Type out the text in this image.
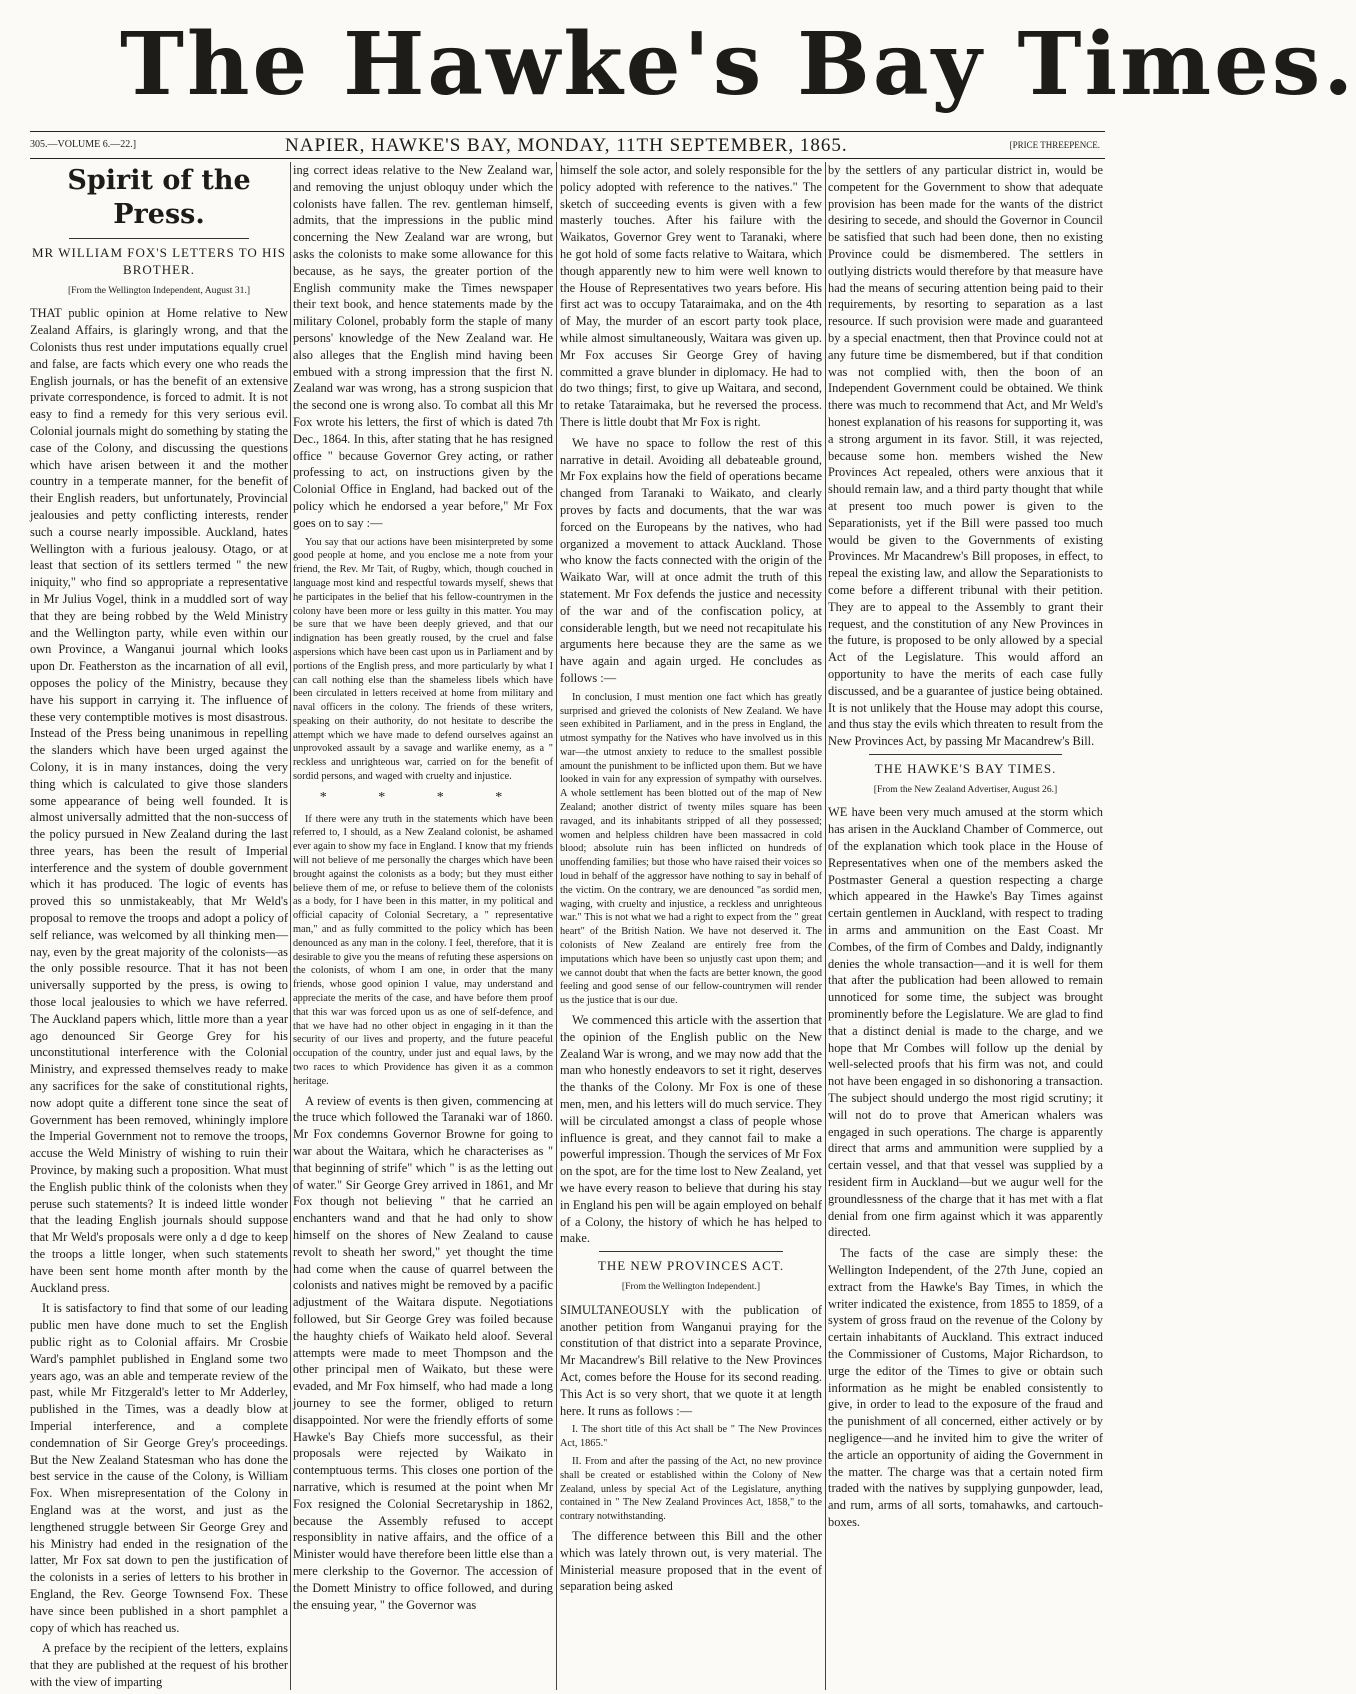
The Hawke's Bay Times.
305.—VOLUME 6.—22.]	NAPIER, HAWKE'S BAY, MONDAY, 11TH SEPTEMBER, 1865.	[PRICE THREEPENCE.
Spirit of the Press.
MR WILLIAM FOX'S LETTERS TO HIS BROTHER.
[From the Wellington Independent, August 31.]

THAT public opinion at Home relative to New Zealand Affairs, is glaringly wrong, and that the Colonists thus rest under imputations equally cruel and false, are facts which every one who reads the English journals, or has the benefit of an extensive private correspondence, is forced to admit. It is not easy to find a remedy for this very serious evil. Colonial journals might do something by stating the case of the Colony, and discussing the questions which have arisen between it and the mother country in a temperate manner, for the benefit of their English readers, but unfortunately, Provincial jealousies and petty conflicting interests, render such a course nearly impossible. Auckland, hates Wellington with a furious jealousy. Otago, or at least that section of its settlers termed " the new iniquity," who find so appropriate a representative in Mr Julius Vogel, think in a muddled sort of way that they are being robbed by the Weld Ministry and the Wellington party, while even within our own Province, a Wanganui journal which looks upon Dr. Featherston as the incarnation of all evil, opposes the policy of the Ministry, because they have his support in carrying it. The influence of these very contemptible motives is most disastrous. Instead of the Press being unanimous in repelling the slanders which have been urged against the Colony, it is in many instances, doing the very thing which is calculated to give those slanders some appearance of being well founded. It is almost universally admitted that the non-success of the policy pursued in New Zealand during the last three years, has been the result of Imperial interference and the system of double government which it has produced. The logic of events has proved this so unmistakeably, that Mr Weld's proposal to remove the troops and adopt a policy of self reliance, was welcomed by all thinking men—nay, even by the great majority of the colonists—as the only possible resource. That it has not been universally supported by the press, is owing to those local jealousies to which we have referred. The Auckland papers which, little more than a year ago denounced Sir George Grey for his unconstitutional interference with the Colonial Ministry, and expressed themselves ready to make any sacrifices for the sake of constitutional rights, now adopt quite a different tone since the seat of Government has been removed, whiningly implore the Imperial Government not to remove the troops, accuse the Weld Ministry of wishing to ruin their Province, by making such a proposition. What must the English public think of the colonists when they peruse such statements? It is indeed little wonder that the leading English journals should suppose that Mr Weld's proposals were only a d dge to keep the troops a little longer, when such statements have been sent home month after month by the Auckland press.

It is satisfactory to find that some of our leading public men have done much to set the English public right as to Colonial affairs. Mr Crosbie Ward's pamphlet published in England some two years ago, was an able and temperate review of the past, while Mr Fitzgerald's letter to Mr Adderley, published in the Times, was a deadly blow at Imperial interference, and a complete condemnation of Sir George Grey's proceedings. But the New Zealand Statesman who has done the best service in the cause of the Colony, is William Fox. When misrepresentation of the Colony in England was at the worst, and just as the lengthened struggle between Sir George Grey and his Ministry had ended in the resignation of the latter, Mr Fox sat down to pen the justification of the colonists in a series of letters to his brother in England, the Rev. George Townsend Fox. These have since been published in a short pamphlet a copy of which has reached us.

A preface by the recipient of the letters, explains that they are published at the request of his brother with the view of imparting

ing correct ideas relative to the New Zealand war, and removing the unjust obloquy under which the colonists have fallen. The rev. gentleman himself, admits, that the impressions in the public mind concerning the New Zealand war are wrong, but asks the colonists to make some allowance for this because, as he says, the greater portion of the English community make the Times newspaper their text book, and hence statements made by the military Colonel, probably form the staple of many persons' knowledge of the New Zealand war. He also alleges that the English mind having been embued with a strong impression that the first N. Zealand war was wrong, has a strong suspicion that the second one is wrong also. To combat all this Mr Fox wrote his letters, the first of which is dated 7th Dec., 1864. In this, after stating that he has resigned office " because Governor Grey acting, or rather professing to act, on instructions given by the Colonial Office in England, had backed out of the policy which he endorsed a year before," Mr Fox goes on to say :—

You say that our actions have been misinterpreted by some good people at home, and you enclose me a note from your friend, the Rev. Mr Tait, of Rugby, which, though couched in language most kind and respectful towards myself, shews that he participates in the belief that his fellow-countrymen in the colony have been more or less guilty in this matter. You may be sure that we have been deeply grieved, and that our indignation has been greatly roused, by the cruel and false aspersions which have been cast upon us in Parliament and by portions of the English press, and more particularly by what I can call nothing else than the shameless libels which have been circulated in letters received at home from military and naval officers in the colony. The friends of these writers, speaking on their authority, do not hesitate to describe the attempt which we have made to defend ourselves against an unprovoked assault by a savage and warlike enemy, as a " reckless and unrighteous war, carried on for the benefit of sordid persons, and waged with cruelty and injustice.

* * * *

If there were any truth in the statements which have been referred to, I should, as a New Zealand colonist, be ashamed ever again to show my face in England. I know that my friends will not believe of me personally the charges which have been brought against the colonists as a body; but they must either believe them of me, or refuse to believe them of the colonists as a body, for I have been in this matter, in my political and official capacity of Colonial Secretary, a " representative man," and as fully committed to the policy which has been denounced as any man in the colony. I feel, therefore, that it is desirable to give you the means of refuting these aspersions on the colonists, of whom I am one, in order that the many friends, whose good opinion I value, may understand and appreciate the merits of the case, and have before them proof that this war was forced upon us as one of self-defence, and that we have had no other object in engaging in it than the security of our lives and property, and the future peaceful occupation of the country, under just and equal laws, by the two races to which Providence has given it as a common heritage.

A review of events is then given, commencing at the truce which followed the Taranaki war of 1860. Mr Fox condemns Governor Browne for going to war about the Waitara, which he characterises as " that beginning of strife" which " is as the letting out of water." Sir George Grey arrived in 1861, and Mr Fox though not believing " that he carried an enchanters wand and that he had only to show himself on the shores of New Zealand to cause revolt to sheath her sword," yet thought the time had come when the cause of quarrel between the colonists and natives might be removed by a pacific adjustment of the Waitara dispute. Negotiations followed, but Sir George Grey was foiled because the haughty chiefs of Waikato held aloof. Several attempts were made to meet Thompson and the other principal men of Waikato, but these were evaded, and Mr Fox himself, who had made a long journey to see the former, obliged to return disappointed. Nor were the friendly efforts of some Hawke's Bay Chiefs more successful, as their proposals were rejected by Waikato in contemptuous terms. This closes one portion of the narrative, which is resumed at the point when Mr Fox resigned the Colonial Secretaryship in 1862, because the Assembly refused to accept responsiblity in native affairs, and the office of a Minister would have therefore been little else than a mere clerkship to the Governor. The accession of the Domett Ministry to office followed, and during the ensuing year, " the Governor was

himself the sole actor, and solely responsible for the policy adopted with reference to the natives." The sketch of succeeding events is given with a few masterly touches. After his failure with the Waikatos, Governor Grey went to Taranaki, where he got hold of some facts relative to Waitara, which though apparently new to him were well known to the House of Representatives two years before. His first act was to occupy Tataraimaka, and on the 4th of May, the murder of an escort party took place, while almost simultaneously, Waitara was given up. Mr Fox accuses Sir George Grey of having committed a grave blunder in diplomacy. He had to do two things; first, to give up Waitara, and second, to retake Tataraimaka, but he reversed the process. There is little doubt that Mr Fox is right.

We have no space to follow the rest of this narrative in detail. Avoiding all debateable ground, Mr Fox explains how the field of operations became changed from Taranaki to Waikato, and clearly proves by facts and documents, that the war was forced on the Europeans by the natives, who had organized a movement to attack Auckland. Those who know the facts connected with the origin of the Waikato War, will at once admit the truth of this statement. Mr Fox defends the justice and necessity of the war and of the confiscation policy, at considerable length, but we need not recapitulate his arguments here because they are the same as we have again and again urged. He concludes as follows :—

In conclusion, I must mention one fact which has greatly surprised and grieved the colonists of New Zealand. We have seen exhibited in Parliament, and in the press in England, the utmost sympathy for the Natives who have involved us in this war—the utmost anxiety to reduce to the smallest possible amount the punishment to be inflicted upon them. But we have looked in vain for any expression of sympathy with ourselves. A whole settlement has been blotted out of the map of New Zealand; another district of twenty miles square has been ravaged, and its inhabitants stripped of all they possessed; women and helpless children have been massacred in cold blood; absolute ruin has been inflicted on hundreds of unoffending families; but those who have raised their voices so loud in behalf of the aggressor have nothing to say in behalf of the victim. On the contrary, we are denounced "as sordid men, waging, with cruelty and injustice, a reckless and unrighteous war." This is not what we had a right to expect from the " great heart" of the British Nation. We have not deserved it. The colonists of New Zealand are entirely free from the imputations which have been so unjustly cast upon them; and we cannot doubt that when the facts are better known, the good feeling and good sense of our fellow-countrymen will render us the justice that is our due.

We commenced this article with the assertion that the opinion of the English public on the New Zealand War is wrong, and we may now add that the man who honestly endeavors to set it right, deserves the thanks of the Colony. Mr Fox is one of these men, men, and his letters will do much service. They will be circulated amongst a class of people whose influence is great, and they cannot fail to make a powerful impression. Though the services of Mr Fox on the spot, are for the time lost to New Zealand, yet we have every reason to believe that during his stay in England his pen will be again employed on behalf of a Colony, the history of which he has helped to make.

THE NEW PROVINCES ACT.
[From the Wellington Independent.]

SIMULTANEOUSLY with the publication of another petition from Wanganui praying for the constitution of that district into a separate Province, Mr Macandrew's Bill relative to the New Provinces Act, comes before the House for its second reading. This Act is so very short, that we quote it at length here. It runs as follows :—

I. The short title of this Act shall be " The New Provinces Act, 1865."

II. From and after the passing of the Act, no new province shall be created or established within the Colony of New Zealand, unless by special Act of the Legislature, anything contained in " The New Zealand Provinces Act, 1858," to the contrary notwithstanding.

The difference between this Bill and the other which was lately thrown out, is very material. The Ministerial measure proposed that in the event of separation being asked

by the settlers of any particular district in, would be competent for the Government to show that adequate provision has been made for the wants of the district desiring to secede, and should the Governor in Council be satisfied that such had been done, then no existing Province could be dismembered. The settlers in outlying districts would therefore by that measure have had the means of securing attention being paid to their requirements, by resorting to separation as a last resource. If such provision were made and guaranteed by a special enactment, then that Province could not at any future time be dismembered, but if that condition was not complied with, then the boon of an Independent Government could be obtained. We think there was much to recommend that Act, and Mr Weld's honest explanation of his reasons for supporting it, was a strong argument in its favor. Still, it was rejected, because some hon. members wished the New Provinces Act repealed, others were anxious that it should remain law, and a third party thought that while at present too much power is given to the Separationists, yet if the Bill were passed too much would be given to the Governments of existing Provinces. Mr Macandrew's Bill proposes, in effect, to repeal the existing law, and allow the Separationists to come before a different tribunal with their petition. They are to appeal to the Assembly to grant their request, and the constitution of any New Provinces in the future, is proposed to be only allowed by a special Act of the Legislature. This would afford an opportunity to have the merits of each case fully discussed, and be a guarantee of justice being obtained. It is not unlikely that the House may adopt this course, and thus stay the evils which threaten to result from the New Provinces Act, by passing Mr Macandrew's Bill.

THE HAWKE'S BAY TIMES.
[From the New Zealand Advertiser, August 26.]

WE have been very much amused at the storm which has arisen in the Auckland Chamber of Commerce, out of the explanation which took place in the House of Representatives when one of the members asked the Postmaster General a question respecting a charge which appeared in the Hawke's Bay Times against certain gentlemen in Auckland, with respect to trading in arms and ammunition on the East Coast. Mr Combes, of the firm of Combes and Daldy, indignantly denies the whole transaction—and it is well for them that after the publication had been allowed to remain unnoticed for some time, the subject was brought prominently before the Legislature. We are glad to find that a distinct denial is made to the charge, and we hope that Mr Combes will follow up the denial by well-selected proofs that his firm was not, and could not have been engaged in so dishonoring a transaction. The subject should undergo the most rigid scrutiny; it will not do to prove that American whalers was engaged in such operations. The charge is apparently direct that arms and ammunition were supplied by a certain vessel, and that that vessel was supplied by a resident firm in Auckland—but we augur well for the groundlessness of the charge that it has met with a flat denial from one firm against which it was apparently directed.

The facts of the case are simply these: the Wellington Independent, of the 27th June, copied an extract from the Hawke's Bay Times, in which the writer indicated the existence, from 1855 to 1859, of a system of gross fraud on the revenue of the Colony by certain inhabitants of Auckland. This extract induced the Commissioner of Customs, Major Richardson, to urge the editor of the Times to give or obtain such information as he might be enabled consistently to give, in order to lead to the exposure of the fraud and the punishment of all concerned, either actively or by negligence—and he invited him to give the writer of the article an opportunity of aiding the Government in the matter. The charge was that a certain noted firm traded with the natives by supplying gunpowder, lead, and rum, arms of all sorts, tomahawks, and cartouch-boxes.
